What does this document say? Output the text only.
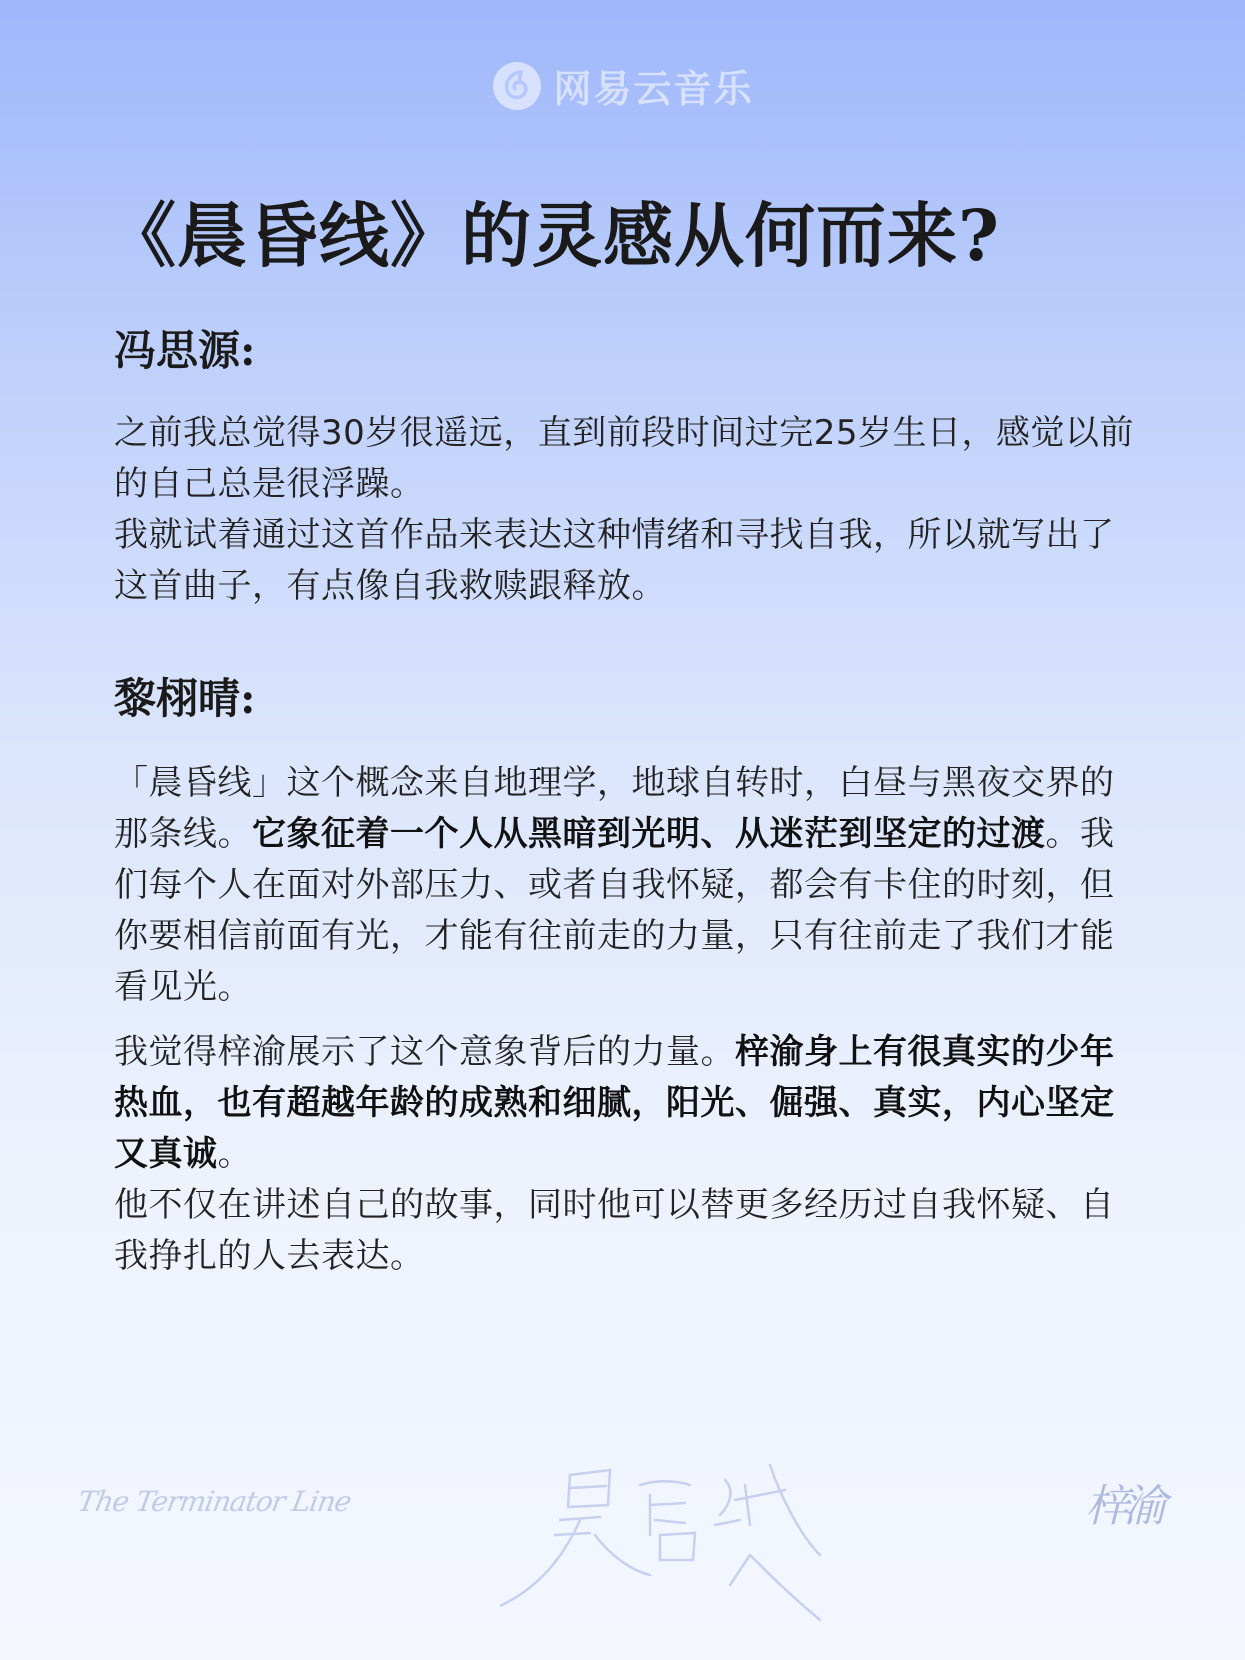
网易云音乐
《晨昏线》的灵感从何而来?
冯思源:

之前我总觉得30岁很遥远，直到前段时间过完25岁生日，感觉以前的自己总是很浮躁。

我就试着通过这首作品来表达这种情绪和寻找自我，所以就写出了这首曲子，有点像自我救赎跟释放。

黎栩晴:

「晨昏线」这个概念来自地理学，地球自转时，白昼与黑夜交界的那条线。它象征着一个人从黑暗到光明、从迷茫到坚定的过渡。我们每个人在面对外部压力、或者自我怀疑，都会有卡住的时刻，但你要相信前面有光，才能有往前走的力量，只有往前走了我们才能看见光。

我觉得梓渝展示了这个意象背后的力量。梓渝身上有很真实的少年热血，也有超越年龄的成熟和细腻，阳光、倔强、真实，内心坚定又真诚。

他不仅在讲述自己的故事，同时他可以替更多经历过自我怀疑、自我挣扎的人去表达。

The Terminator Line
晨昏线
梓渝
